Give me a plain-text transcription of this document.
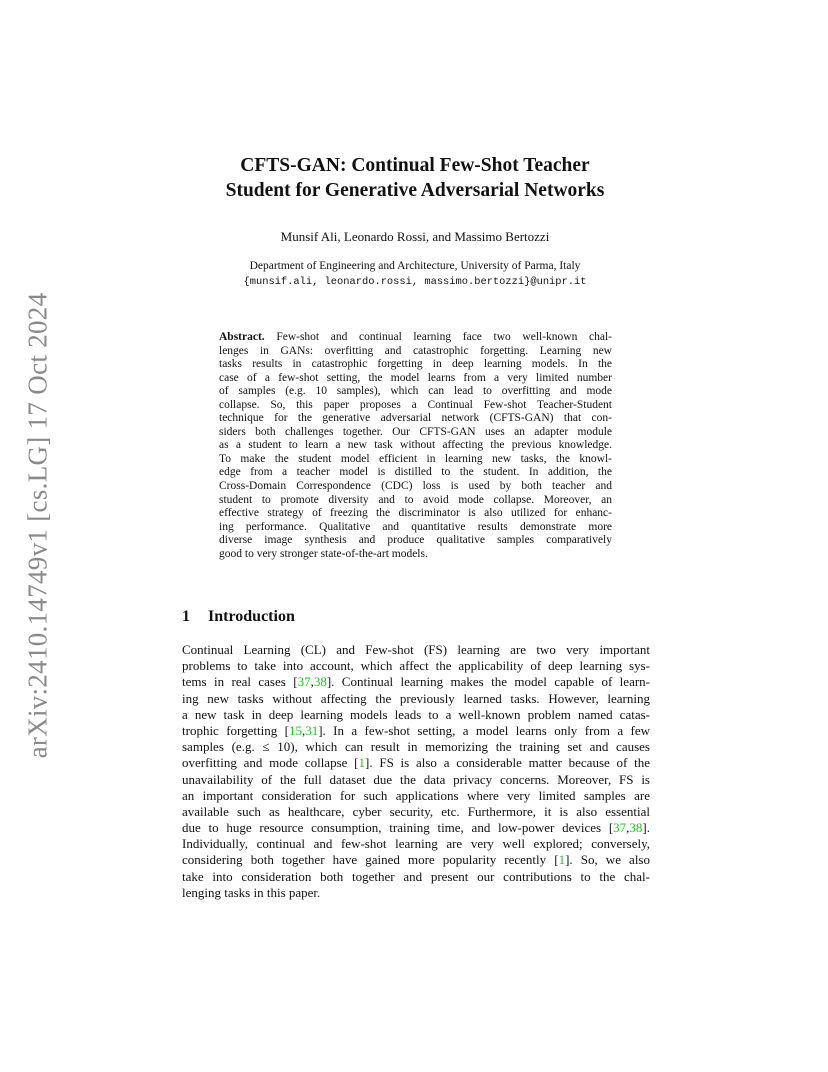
arXiv:2410.14749v1 [cs.LG] 17 Oct 2024
CFTS-GAN: Continual Few-Shot Teacher
Student for Generative Adversarial Networks
Munsif Ali, Leonardo Rossi, and Massimo Bertozzi
Department of Engineering and Architecture, University of Parma, Italy
{munsif.ali, leonardo.rossi, massimo.bertozzi}@unipr.it
Abstract. Few-shot and continual learning face two well-known chal-
lenges in GANs: overfitting and catastrophic forgetting. Learning new
tasks results in catastrophic forgetting in deep learning models. In the
case of a few-shot setting, the model learns from a very limited number
of samples (e.g. 10 samples), which can lead to overfitting and mode
collapse. So, this paper proposes a Continual Few-shot Teacher-Student
technique for the generative adversarial network (CFTS-GAN) that con-
siders both challenges together. Our CFTS-GAN uses an adapter module
as a student to learn a new task without affecting the previous knowledge.
To make the student model efficient in learning new tasks, the knowl-
edge from a teacher model is distilled to the student. In addition, the
Cross-Domain Correspondence (CDC) loss is used by both teacher and
student to promote diversity and to avoid mode collapse. Moreover, an
effective strategy of freezing the discriminator is also utilized for enhanc-
ing performance. Qualitative and quantitative results demonstrate more
diverse image synthesis and produce qualitative samples comparatively
good to very stronger state-of-the-art models.
1 Introduction
Continual Learning (CL) and Few-shot (FS) learning are two very important
problems to take into account, which affect the applicability of deep learning sys-
tems in real cases [37,38]. Continual learning makes the model capable of learn-
ing new tasks without affecting the previously learned tasks. However, learning
a new task in deep learning models leads to a well-known problem named catas-
trophic forgetting [15,31]. In a few-shot setting, a model learns only from a few
samples (e.g. ≤ 10), which can result in memorizing the training set and causes
overfitting and mode collapse [1]. FS is also a considerable matter because of the
unavailability of the full dataset due the data privacy concerns. Moreover, FS is
an important consideration for such applications where very limited samples are
available such as healthcare, cyber security, etc. Furthermore, it is also essential
due to huge resource consumption, training time, and low-power devices [37,38].
Individually, continual and few-shot learning are very well explored; conversely,
considering both together have gained more popularity recently [1]. So, we also
take into consideration both together and present our contributions to the chal-
lenging tasks in this paper.
